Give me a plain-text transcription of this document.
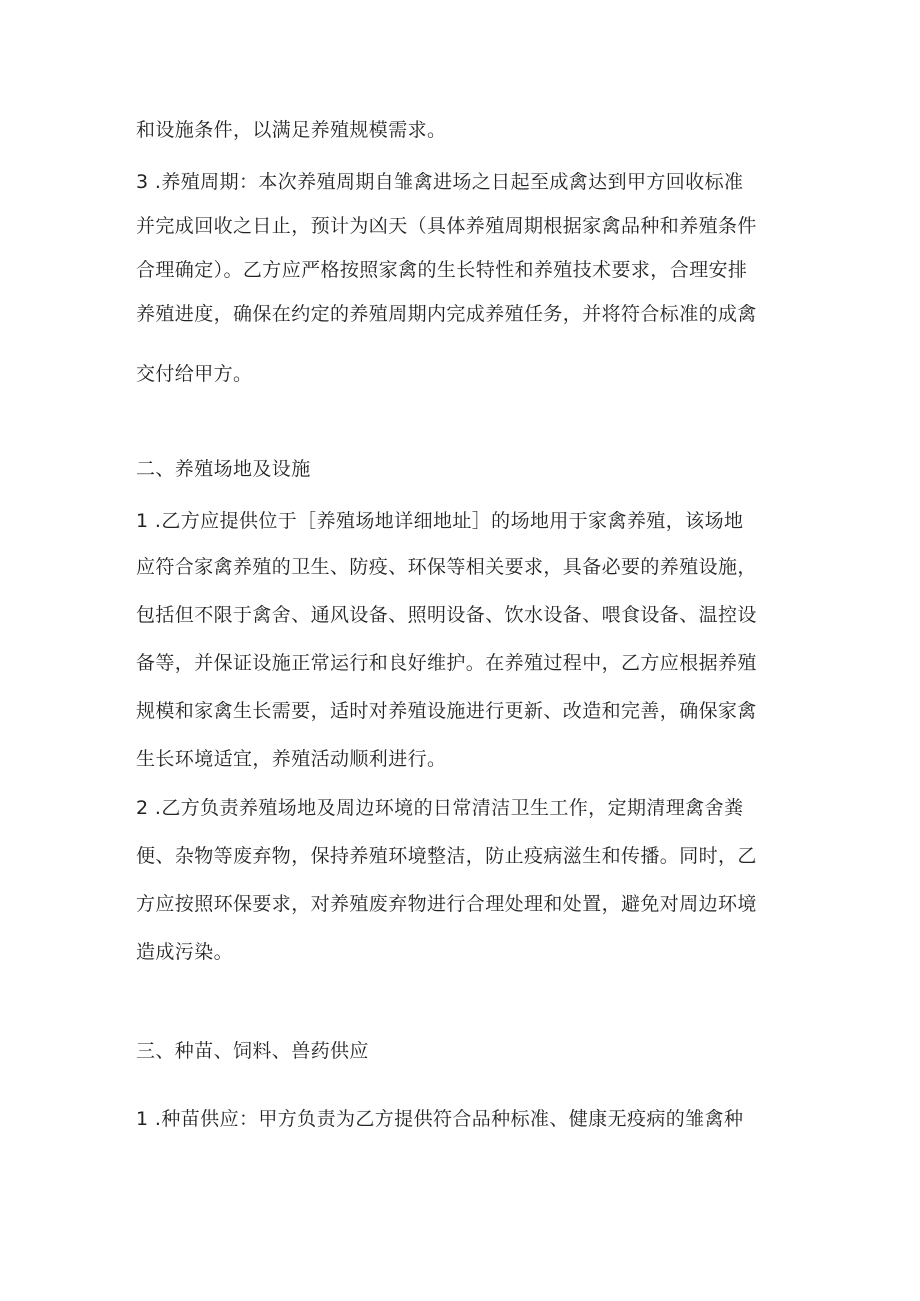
和设施条件，以满足养殖规模需求。

3 .养殖周期：本次养殖周期自雏禽进场之日起至成禽达到甲方回收标准

并完成回收之日止，预计为凶天（具体养殖周期根据家禽品种和养殖条件

合理确定）。乙方应严格按照家禽的生长特性和养殖技术要求，合理安排

养殖进度，确保在约定的养殖周期内完成养殖任务，并将符合标准的成禽

交付给甲方。

二、养殖场地及设施

1 .乙方应提供位于［养殖场地详细地址］的场地用于家禽养殖，该场地

应符合家禽养殖的卫生、防疫、环保等相关要求，具备必要的养殖设施，

包括但不限于禽舍、通风设备、照明设备、饮水设备、喂食设备、温控设

备等，并保证设施正常运行和良好维护。在养殖过程中，乙方应根据养殖

规模和家禽生长需要，适时对养殖设施进行更新、改造和完善，确保家禽

生长环境适宜，养殖活动顺利进行。

2 .乙方负责养殖场地及周边环境的日常清洁卫生工作，定期清理禽舍粪

便、杂物等废弃物，保持养殖环境整洁，防止疫病滋生和传播。同时，乙

方应按照环保要求，对养殖废弃物进行合理处理和处置，避免对周边环境

造成污染。

三、种苗、饲料、兽药供应

1 .种苗供应：甲方负责为乙方提供符合品种标准、健康无疫病的雏禽种
